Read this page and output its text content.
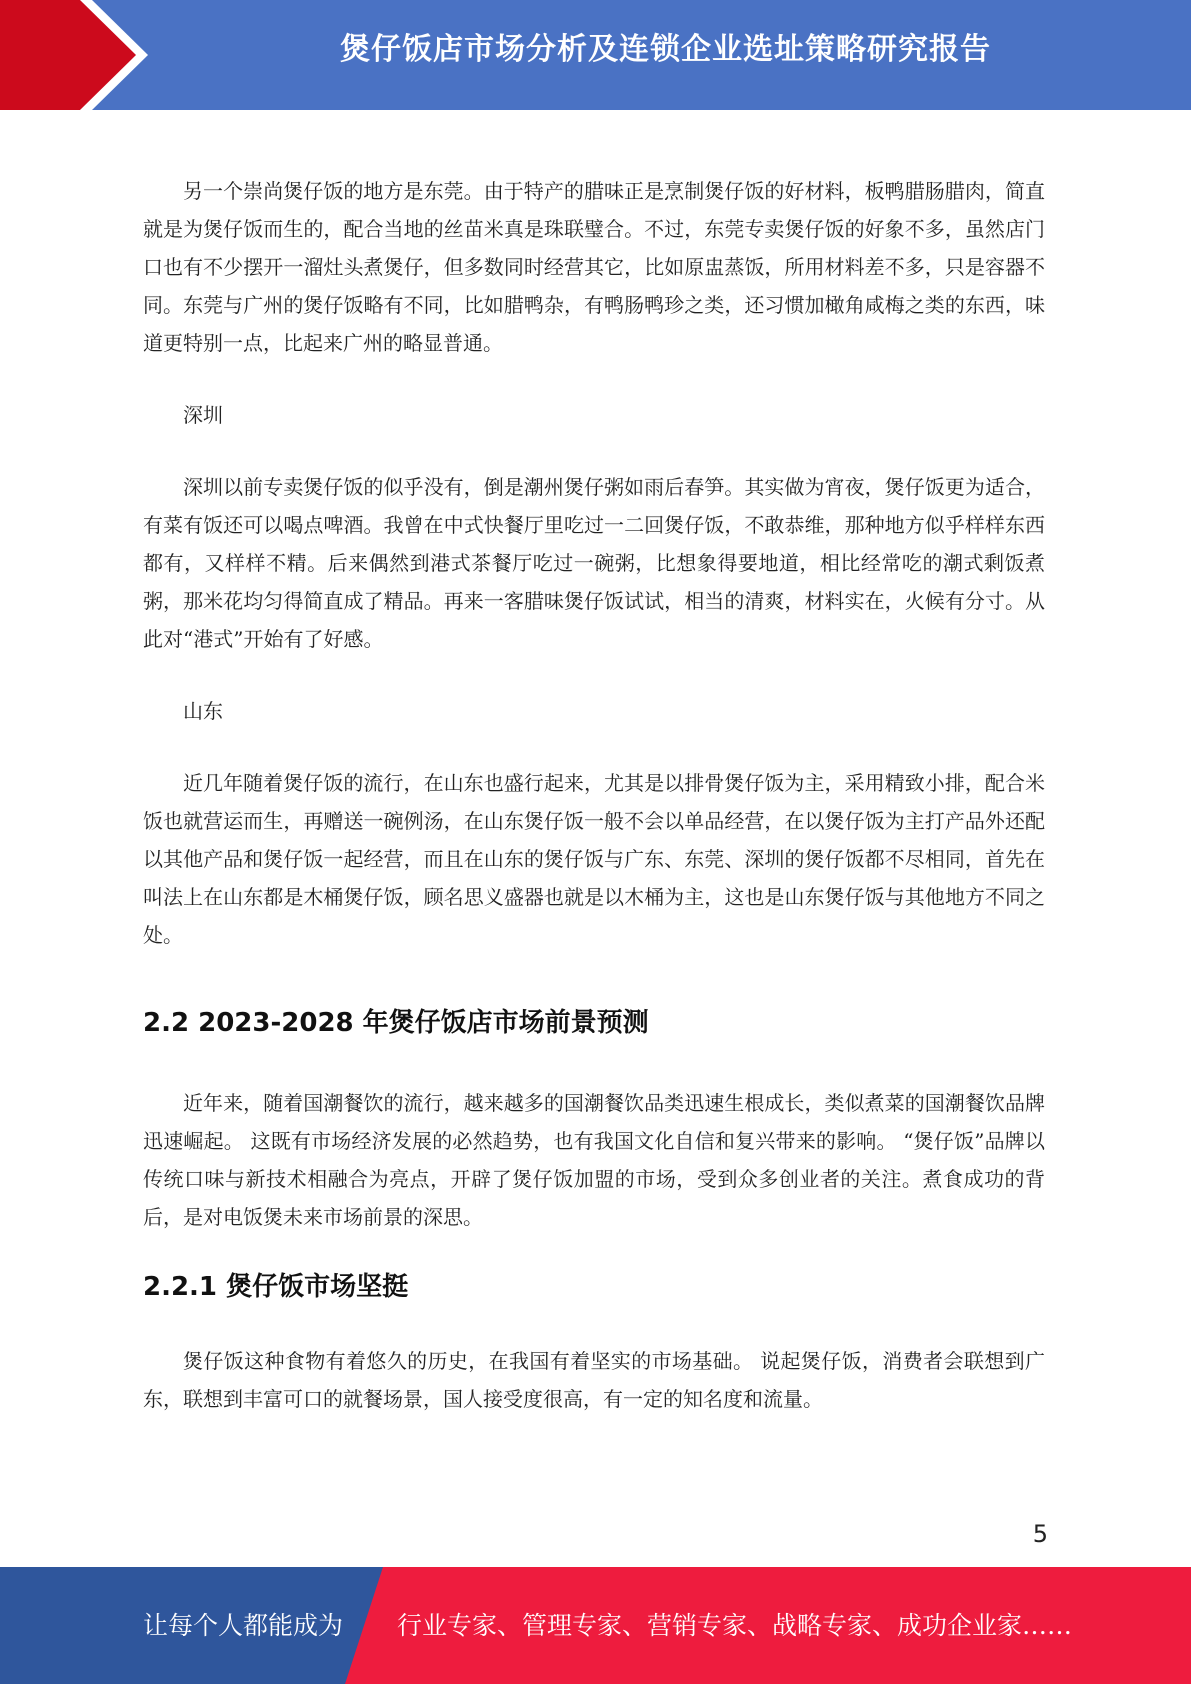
煲仔饭店市场分析及连锁企业选址策略研究报告

另一个崇尚煲仔饭的地方是东莞。由于特产的腊味正是烹制煲仔饭的好材料，板鸭腊肠腊肉，简直就是为煲仔饭而生的，配合当地的丝苗米真是珠联璧合。不过，东莞专卖煲仔饭的好象不多，虽然店门口也有不少摆开一溜灶头煮煲仔，但多数同时经营其它，比如原盅蒸饭，所用材料差不多，只是容器不同。东莞与广州的煲仔饭略有不同，比如腊鸭杂，有鸭肠鸭珍之类，还习惯加橄角咸梅之类的东西，味道更特别一点，比起来广州的略显普通。

深圳

深圳以前专卖煲仔饭的似乎没有，倒是潮州煲仔粥如雨后春笋。其实做为宵夜，煲仔饭更为适合，有菜有饭还可以喝点啤酒。我曾在中式快餐厅里吃过一二回煲仔饭，不敢恭维，那种地方似乎样样东西都有，又样样不精。后来偶然到港式茶餐厅吃过一碗粥，比想象得要地道，相比经常吃的潮式剩饭煮粥，那米花均匀得简直成了精品。再来一客腊味煲仔饭试试，相当的清爽，材料实在，火候有分寸。从此对“港式”开始有了好感。

山东

近几年随着煲仔饭的流行，在山东也盛行起来，尤其是以排骨煲仔饭为主，采用精致小排，配合米饭也就营运而生，再赠送一碗例汤，在山东煲仔饭一般不会以单品经营，在以煲仔饭为主打产品外还配以其他产品和煲仔饭一起经营，而且在山东的煲仔饭与广东、东莞、深圳的煲仔饭都不尽相同，首先在叫法上在山东都是木桶煲仔饭，顾名思义盛器也就是以木桶为主，这也是山东煲仔饭与其他地方不同之处。

2.2 2023-2028 年煲仔饭店市场前景预测

近年来，随着国潮餐饮的流行，越来越多的国潮餐饮品类迅速生根成长，类似煮菜的国潮餐饮品牌迅速崛起。 这既有市场经济发展的必然趋势，也有我国文化自信和复兴带来的影响。 “煲仔饭”品牌以传统口味与新技术相融合为亮点，开辟了煲仔饭加盟的市场，受到众多创业者的关注。煮食成功的背后，是对电饭煲未来市场前景的深思。

2.2.1 煲仔饭市场坚挺

煲仔饭这种食物有着悠久的历史，在我国有着坚实的市场基础。 说起煲仔饭，消费者会联想到广东，联想到丰富可口的就餐场景，国人接受度很高，有一定的知名度和流量。

5
让每个人都能成为 行业专家、管理专家、营销专家、战略专家、成功企业家……
